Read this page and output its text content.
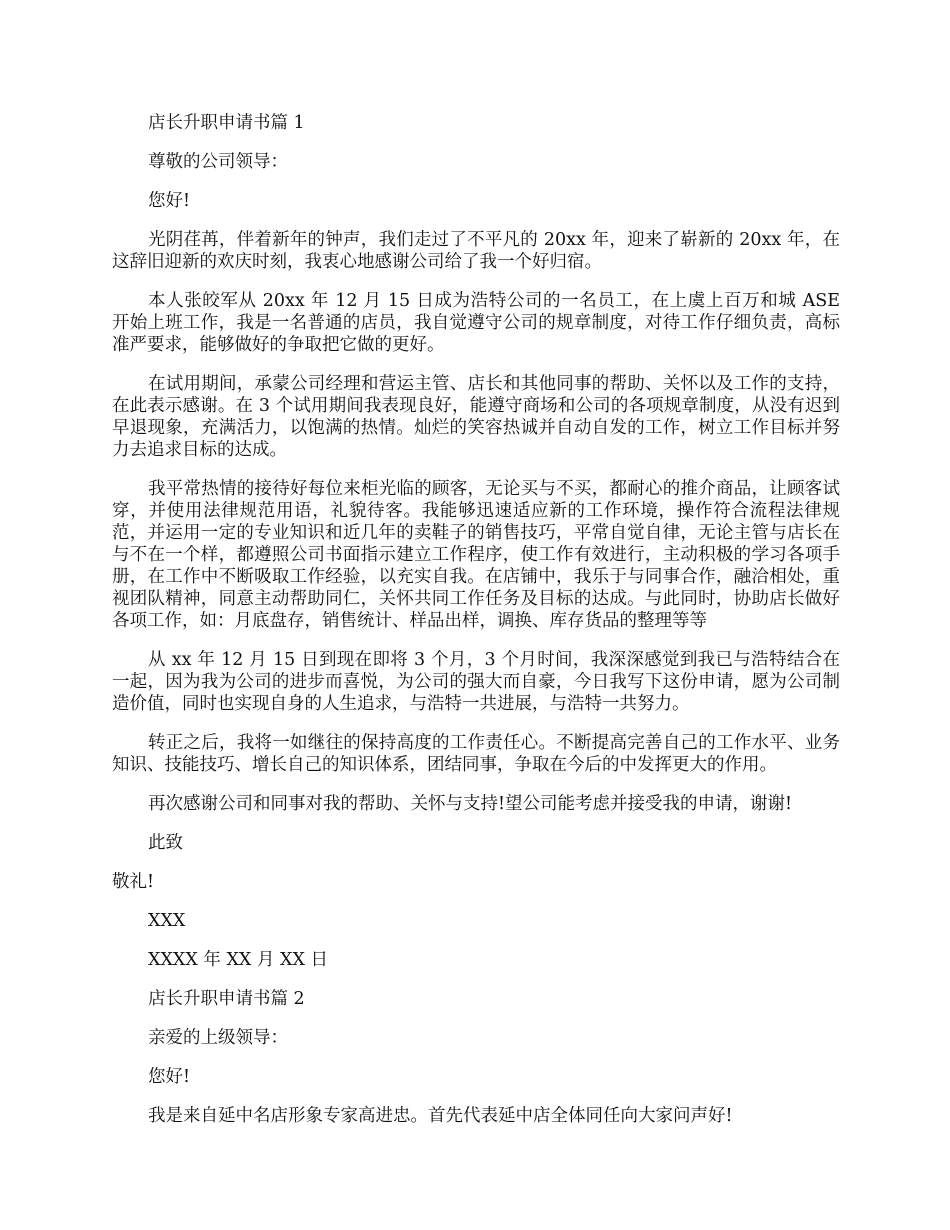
店长升职申请书篇 1

尊敬的公司领导：

您好!

光阴荏苒，伴着新年的钟声，我们走过了不平凡的 20xx 年，迎来了崭新的 20xx 年，在这辞旧迎新的欢庆时刻，我衷心地感谢公司给了我一个好归宿。

本人张皎军从 20xx 年 12 月 15 日成为浩特公司的一名员工，在上虞上百万和城 ASE 开始上班工作，我是一名普通的店员，我自觉遵守公司的规章制度，对待工作仔细负责，高标准严要求，能够做好的争取把它做的更好。

在试用期间，承蒙公司经理和营运主管、店长和其他同事的帮助、关怀以及工作的支持，在此表示感谢。在 3 个试用期间我表现良好，能遵守商场和公司的各项规章制度，从没有迟到早退现象，充满活力，以饱满的热情。灿烂的笑容热诚并自动自发的工作，树立工作目标并努力去追求目标的达成。

我平常热情的接待好每位来柜光临的顾客，无论买与不买，都耐心的推介商品，让顾客试穿，并使用法律规范用语，礼貌待客。我能够迅速适应新的工作环境，操作符合流程法律规范，并运用一定的专业知识和近几年的卖鞋子的销售技巧，平常自觉自律，无论主管与店长在与不在一个样，都遵照公司书面指示建立工作程序，使工作有效进行，主动积极的学习各项手册，在工作中不断吸取工作经验，以充实自我。在店铺中，我乐于与同事合作，融洽相处，重视团队精神，同意主动帮助同仁，关怀共同工作任务及目标的达成。与此同时，协助店长做好各项工作，如：月底盘存，销售统计、样品出样，调换、库存货品的整理等等

从 xx 年 12 月 15 日到现在即将 3 个月，3 个月时间，我深深感觉到我已与浩特结合在一起，因为我为公司的进步而喜悦，为公司的强大而自豪，今日我写下这份申请，愿为公司制造价值，同时也实现自身的人生追求，与浩特一共进展，与浩特一共努力。

转正之后，我将一如继往的保持高度的工作责任心。不断提高完善自己的工作水平、业务知识、技能技巧、增长自己的知识体系，团结同事，争取在今后的中发挥更大的作用。

再次感谢公司和同事对我的帮助、关怀与支持!望公司能考虑并接受我的申请，谢谢!

此致

敬礼!

XXX

XXXX 年 XX 月 XX 日

店长升职申请书篇 2

亲爱的上级领导：

您好!

我是来自延中名店形象专家高进忠。首先代表延中店全体同任向大家问声好!
